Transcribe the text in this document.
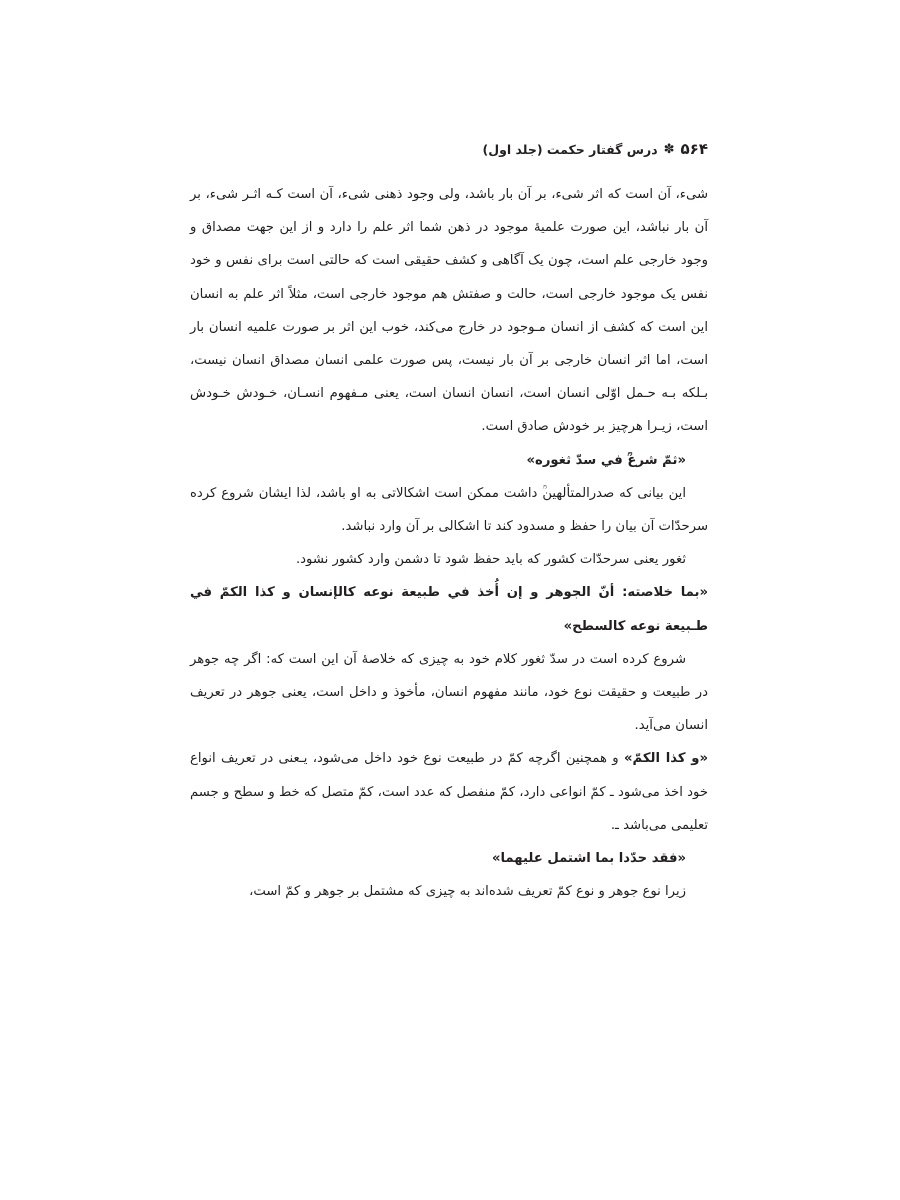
۵۶۴
✽
درس گفتار حکمت (جلد اول)

شیء، آن است که اثر شیء، بر آن بار باشد، ولی وجود ذهنی شیء، آن است کـه اثـر شیء، بر آن بار نباشد، این صورت علمیهٔ موجود در ذهن شما اثر علم را دارد و از این جهت مصداق و وجود خارجی علم است، چون یک آگاهی و کشف حقیقی است که حالتی است برای نفس و خود نفس یک موجود خارجی است، حالت و صفتش هم موجود خارجی است، مثلاً اثر علم به انسان این است که کشف از انسان مـوجود در خارج می‌کند، خوب این اثر بر صورت علمیه انسان بار است، اما اثر انسان خارجی بر آن بار نیست، پس صورت علمی انسان مصداق انسان نیست، بـلکه بـه حـمل اوّلی انسان است، انسان انسان است، یعنی مـفهوم انسـان، خـودش خـودش است، زیـرا هرچیز بر خودش صادق است.

«ثمّ شرع‌ؒ في سدّ ثغوره»

این بیانی که صدرالمتألهین‌ؒ داشت ممکن است اشکالاتی به او باشد، لذا ایشان شروع کرده سرحدّات آن بیان را حفظ و مسدود کند تا اشکالی بر آن وارد نباشد.

ثغور یعنی سرحدّات کشور که باید حفظ شود تا دشمن وارد کشور نشود.

«بما خلاصته: أنّ الجوهر و إن أُخذ في طبيعة نوعه کالإنسان و کذا الکمّ في طـبيعة نوعه کالسطح»

شروع کرده است در سدّ ثغور کلام خود به چیزی که خلاصهٔ آن این است که: اگر چه جوهر در طبیعت و حقیقت نوع خود، مانند مفهوم انسان، مأخوذ و داخل است، یعنی جوهر در تعریف انسان می‌آید.

«و کذا الکمّ» و همچنین اگرچه کمّ در طبیعت نوع خود داخل می‌شود، یـعنی در تعریف انواع خود اخذ می‌شود ـ کمّ انواعی دارد، کمّ منفصل که عدد است، کمّ متصل که خط و سطح و جسم تعلیمی می‌باشد ـ.

«فقد حدّدا بما اشتمل عليهما»

زیرا نوع جوهر و نوع کمّ تعریف شده‌اند به چیزی که مشتمل بر جوهر و کمّ است،
